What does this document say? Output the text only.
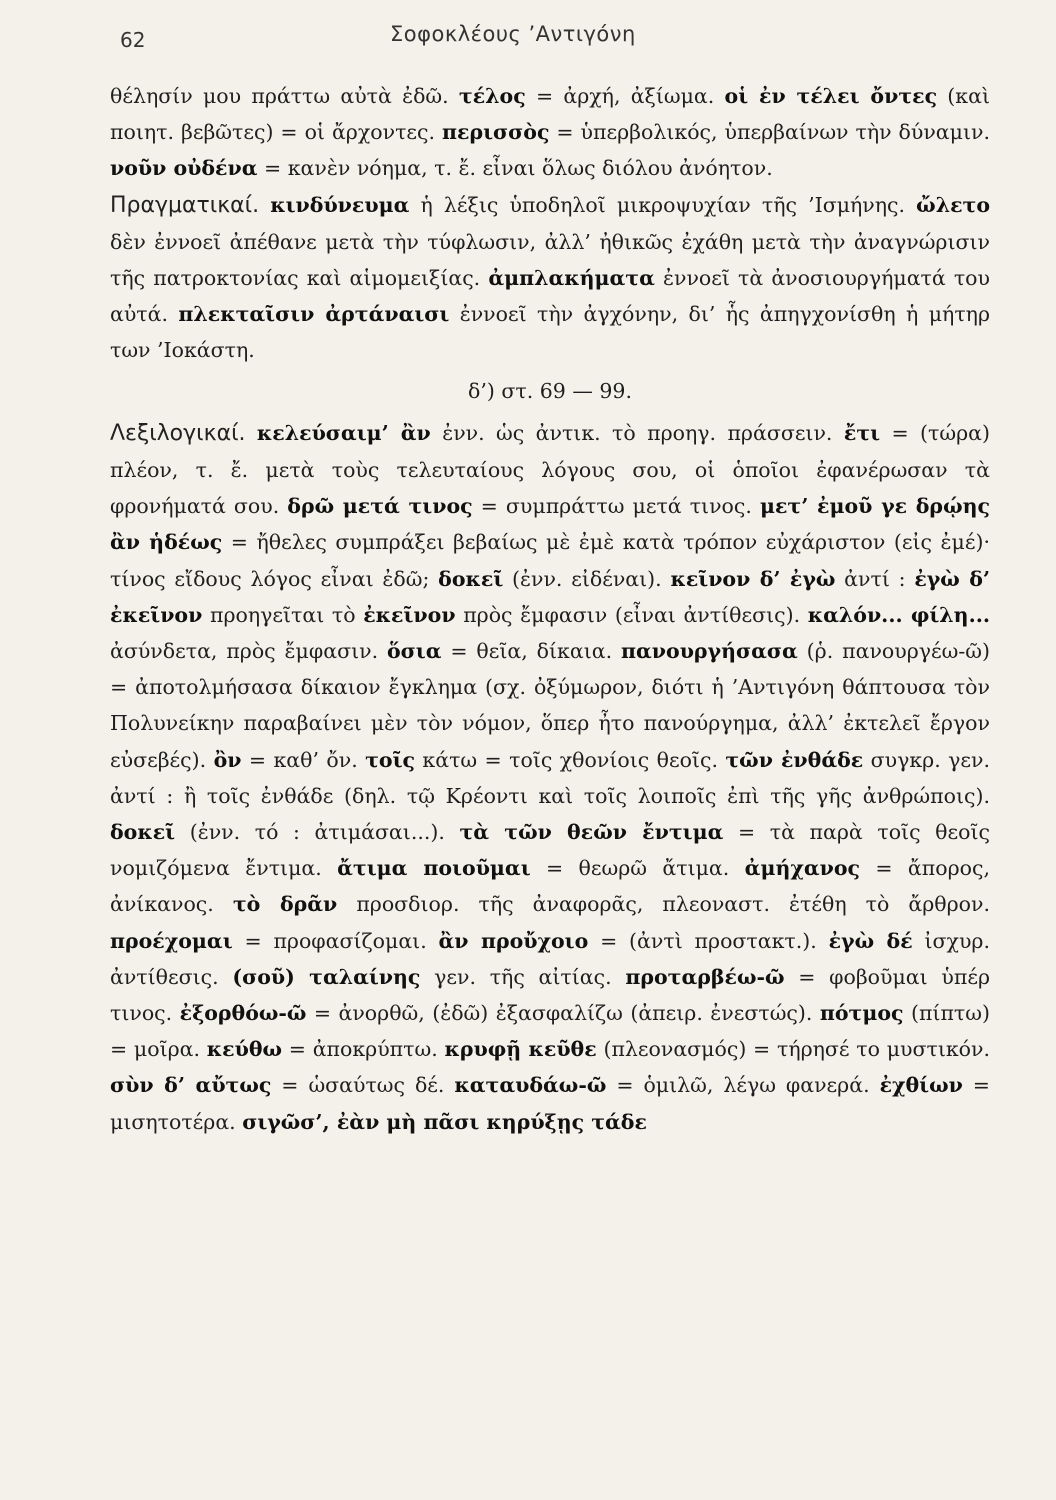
62	Σοφοκλέους ’Αντιγόνη

θέλησίν μου πράττω αὐτὰ ἐδῶ. τέλος = ἀρχή, ἀξίωμα. οἱ ἐν τέλει ὄντες (καὶ ποιητ. βεβῶτες) = οἱ ἄρχοντες. περισσὸς = ὑπερβολικός, ὑπερβαίνων τὴν δύναμιν. νοῦν οὐδένα = κανὲν νόημα, τ. ἔ. εἶναι ὅλως διόλου ἀνόητον.

Πραγματικαί. κινδύνευμα ἡ λέξις ὑποδηλοῖ μικροψυχίαν τῆς ’Ισμήνης. ὤλετο δὲν ἐννοεῖ ἀπέθανε μετὰ τὴν τύφλωσιν, ἀλλ’ ἠθικῶς ἐχάθη μετὰ τὴν ἀναγνώρισιν τῆς πατροκτονίας καὶ αἱμομειξίας. ἀμπλακήματα ἐννοεῖ τὰ ἀνοσιουργήματά του αὐτά. πλεκταῖσιν ἀρτάναισι ἐννοεῖ τὴν ἀγχόνην, δι’ ἧς ἀπηγχονίσθη ἡ μήτηρ των ’Ιοκάστη.

δ’) στ. 69 — 99.

Λεξιλογικαί. κελεύσαιμ’ ἂν ἐνν. ὡς ἀντικ. τὸ προηγ. πράσσειν. ἔτι = (τώρα) πλέον, τ. ἔ. μετὰ τοὺς τελευταίους λόγους σου, οἱ ὁποῖοι ἐφανέρωσαν τὰ φρονήματά σου. δρῶ μετά τινος = συμπράττω μετά τινος. μετ’ ἐμοῦ γε δρῴης ἂν ἡδέως = ἤθελες συμπράξει βεβαίως μὲ ἐμὲ κατὰ τρόπον εὐχάριστον (εἰς ἐμέ)· τίνος εἴδους λόγος εἶναι ἐδῶ; δοκεῖ (ἐνν. εἰδέναι). κεῖνον δ’ ἐγὼ ἀντί : ἐγὼ δ’ ἐκεῖνον προηγεῖται τὸ ἐκεῖνον πρὸς ἔμφασιν (εἶναι ἀντίθεσις). καλόν... φίλη... ἀσύνδετα, πρὸς ἔμφασιν. ὅσια = θεῖα, δίκαια. πανουργήσασα (ῥ. πανουργέω-ῶ) = ἀποτολμήσασα δίκαιον ἔγκλημα (σχ. ὀξύμωρον, διότι ἡ ’Αντιγόνη θάπτουσα τὸν Πολυνείκην παραβαίνει μὲν τὸν νόμον, ὅπερ ἦτο πανούργημα, ἀλλ’ ἐκτελεῖ ἔργον εὐσεβές). ὂν = καθ’ ὄν. τοῖς κάτω = τοῖς χθονίοις θεοῖς. τῶν ἐνθάδε συγκρ. γεν. ἀντί : ἢ τοῖς ἐνθάδε (δηλ. τῷ Κρέοντι καὶ τοῖς λοιποῖς ἐπὶ τῆς γῆς ἀνθρώποις). δοκεῖ (ἐνν. τό : ἀτιμάσαι...). τὰ τῶν θεῶν ἔντιμα = τὰ παρὰ τοῖς θεοῖς νομιζόμενα ἔντιμα. ἄτιμα ποιοῦμαι = θεωρῶ ἄτιμα. ἀμήχανος = ἄπορος, ἀνίκανος. τὸ δρᾶν προσδιορ. τῆς ἀναφορᾶς, πλεοναστ. ἐτέθη τὸ ἄρθρον. προέχομαι = προφασίζομαι. ἂν προὔχοιο = (ἀντὶ προστακτ.). ἐγὼ δέ ἰσχυρ. ἀντίθεσις. (σοῦ) ταλαίνης γεν. τῆς αἰτίας. προταρβέω-ῶ = φοβοῦμαι ὑπέρ τινος. ἐξορθόω-ῶ = ἀνορθῶ, (ἐδῶ) ἐξασφαλίζω (ἀπειρ. ἐνεστώς). πότμος (πίπτω) = μοῖρα. κεύθω = ἀποκρύπτω. κρυφῇ κεῦθε (πλεονασμός) = τήρησέ το μυστικόν. σὺν δ’ αὔτως = ὡσαύτως δέ. καταυδάω-ῶ = ὁμιλῶ, λέγω φανερά. ἐχθίων = μισητοτέρα. σιγῶσ’, ἐὰν μὴ πᾶσι κηρύξῃς τάδε
